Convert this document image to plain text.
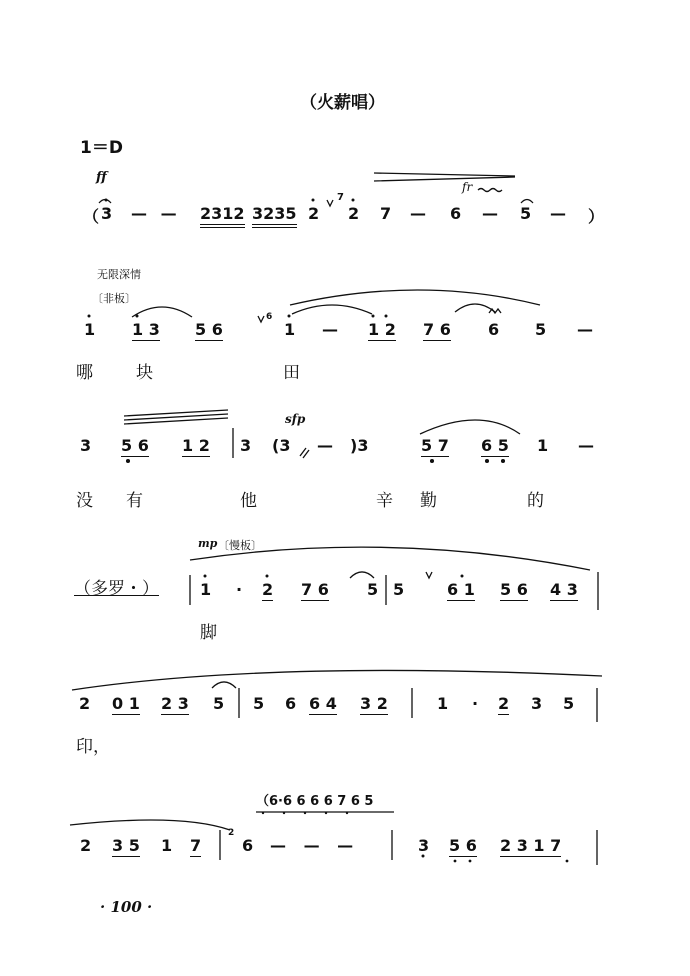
（火薪唱）
1＝D
ff
fr
（ 3 — — 2312 3235 2
7
2 7 — 6 — 5 — ）
无限深情
〔非板〕
1 1 3 5 6
6
1 — 1 2 7 6 6 5 —
哪	块	田
sfp
3 5 6 1 2 3 (3 — )3	5 7 6 5 1 —
没 有	他	辛 勤	的
mp 〔慢板〕
（多罗・）	1 · 2 7 6 5 5	6 1 5 6 4 3
脚
2 0 1 2 3 5 5 6 6 4 3 2	1 · 2 3 5
印，
（6·6 6 6 6 7 6 5
2 3 5 1 7
2
6 — — —	3 5 6 2 3 1 7
· 100 ·
